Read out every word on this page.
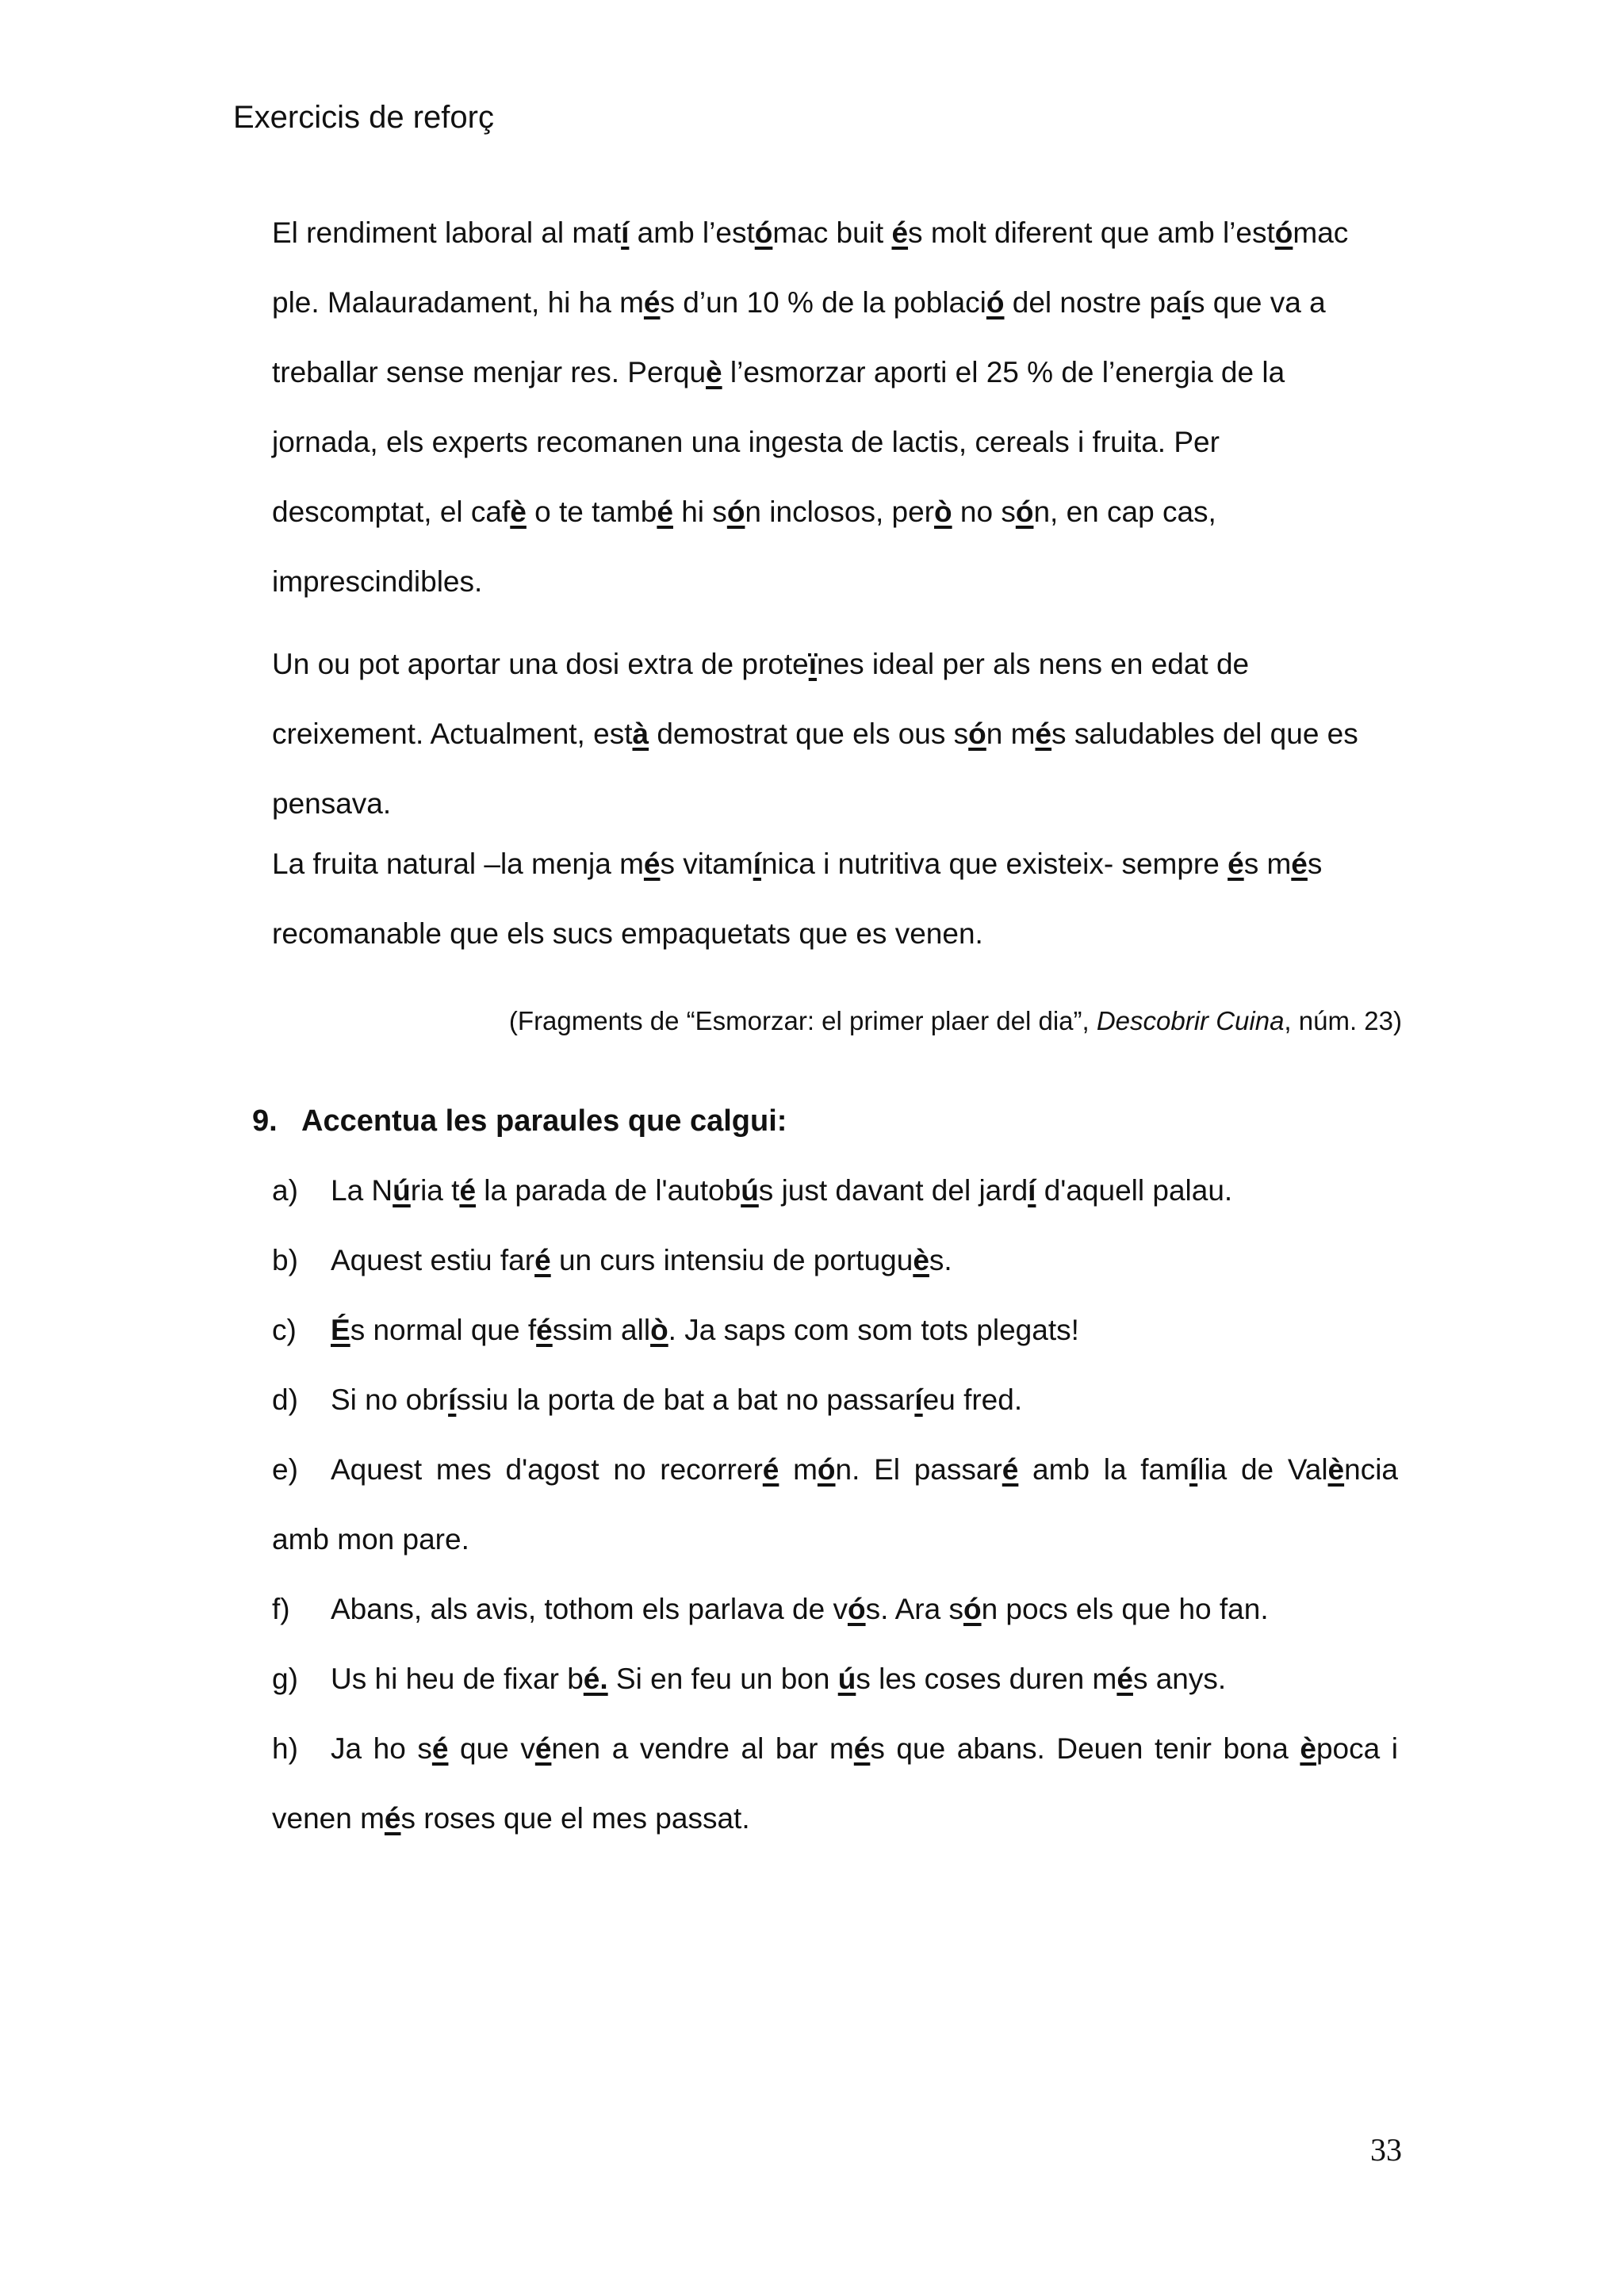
Exercicis de reforç
El rendiment laboral al matí amb l’estómac buit és molt diferent que amb l’estómac
ple. Malauradament, hi ha més d’un 10 % de la població del nostre país que va a
treballar sense menjar res. Perquè l’esmorzar aporti el 25 % de l’energia de la
jornada, els experts recomanen una ingesta de lactis, cereals i fruita. Per
descomptat, el cafè o te també hi són inclosos, però no són, en cap cas,
imprescindibles.
Un ou pot aportar una dosi extra de proteïnes ideal per als nens en edat de
creixement. Actualment, està demostrat que els ous són més saludables del que es
pensava.
La fruita natural –la menja més vitamínica i nutritiva que existeix- sempre és més
recomanable que els sucs empaquetats que es venen.
(Fragments de “Esmorzar: el primer plaer del dia”, Descobrir Cuina, núm. 23)
9. Accentua les paraules que calgui:
a) La Núria té la parada de l'autobús just davant del jardí d'aquell palau.
b) Aquest estiu faré un curs intensiu de portuguès.
c) És normal que féssim allò. Ja saps com som tots plegats!
d) Si no obríssiu la porta de bat a bat no passaríeu fred.
e) Aquest mes d'agost no recorreré món. El passaré amb la família de València
amb mon pare.
f) Abans, als avis, tothom els parlava de vós. Ara són pocs els que ho fan.
g) Us hi heu de fixar bé. Si en feu un bon ús les coses duren més anys.
h) Ja ho sé que vénen a vendre al bar més que abans. Deuen tenir bona època i
venen més roses que el mes passat.
33
